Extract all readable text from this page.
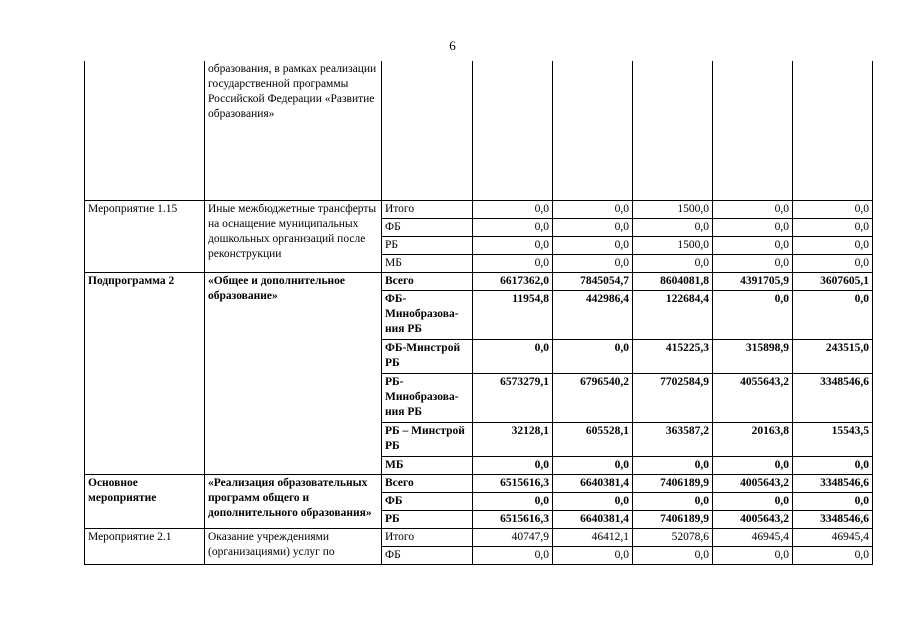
6
	образования, в рамках реализации государственной программы Российской Федерации «Развитие образования»						
Мероприятие 1.15	Иные межбюджетные трансферты на оснащение муниципальных дошкольных организаций после реконструкции	Итого	0,0	0,0	1500,0	0,0	0,0
		ФБ	0,0	0,0	0,0	0,0	0,0
		РБ	0,0	0,0	1500,0	0,0	0,0
		МБ	0,0	0,0	0,0	0,0	0,0
Подпрограмма 2	«Общее и дополнительное образование»	Всего	6617362,0	7845054,7	8604081,8	4391705,9	3607605,1
		ФБ-Минобразова-ния РБ	11954,8	442986,4	122684,4	0,0	0,0
		ФБ-Минстрой РБ	0,0	0,0	415225,3	315898,9	243515,0
		РБ-Минобразова-ния РБ	6573279,1	6796540,2	7702584,9	4055643,2	3348546,6
		РБ – Минстрой РБ	32128,1	605528,1	363587,2	20163,8	15543,5
		МБ	0,0	0,0	0,0	0,0	0,0
Основное мероприятие	«Реализация образовательных программ общего и дополнительного образования»	Всего	6515616,3	6640381,4	7406189,9	4005643,2	3348546,6
		ФБ	0,0	0,0	0,0	0,0	0,0
		РБ	6515616,3	6640381,4	7406189,9	4005643,2	3348546,6
Мероприятие 2.1	Оказание учреждениями (организациями) услуг по	Итого	40747,9	46412,1	52078,6	46945,4	46945,4
		ФБ	0,0	0,0	0,0	0,0	0,0
